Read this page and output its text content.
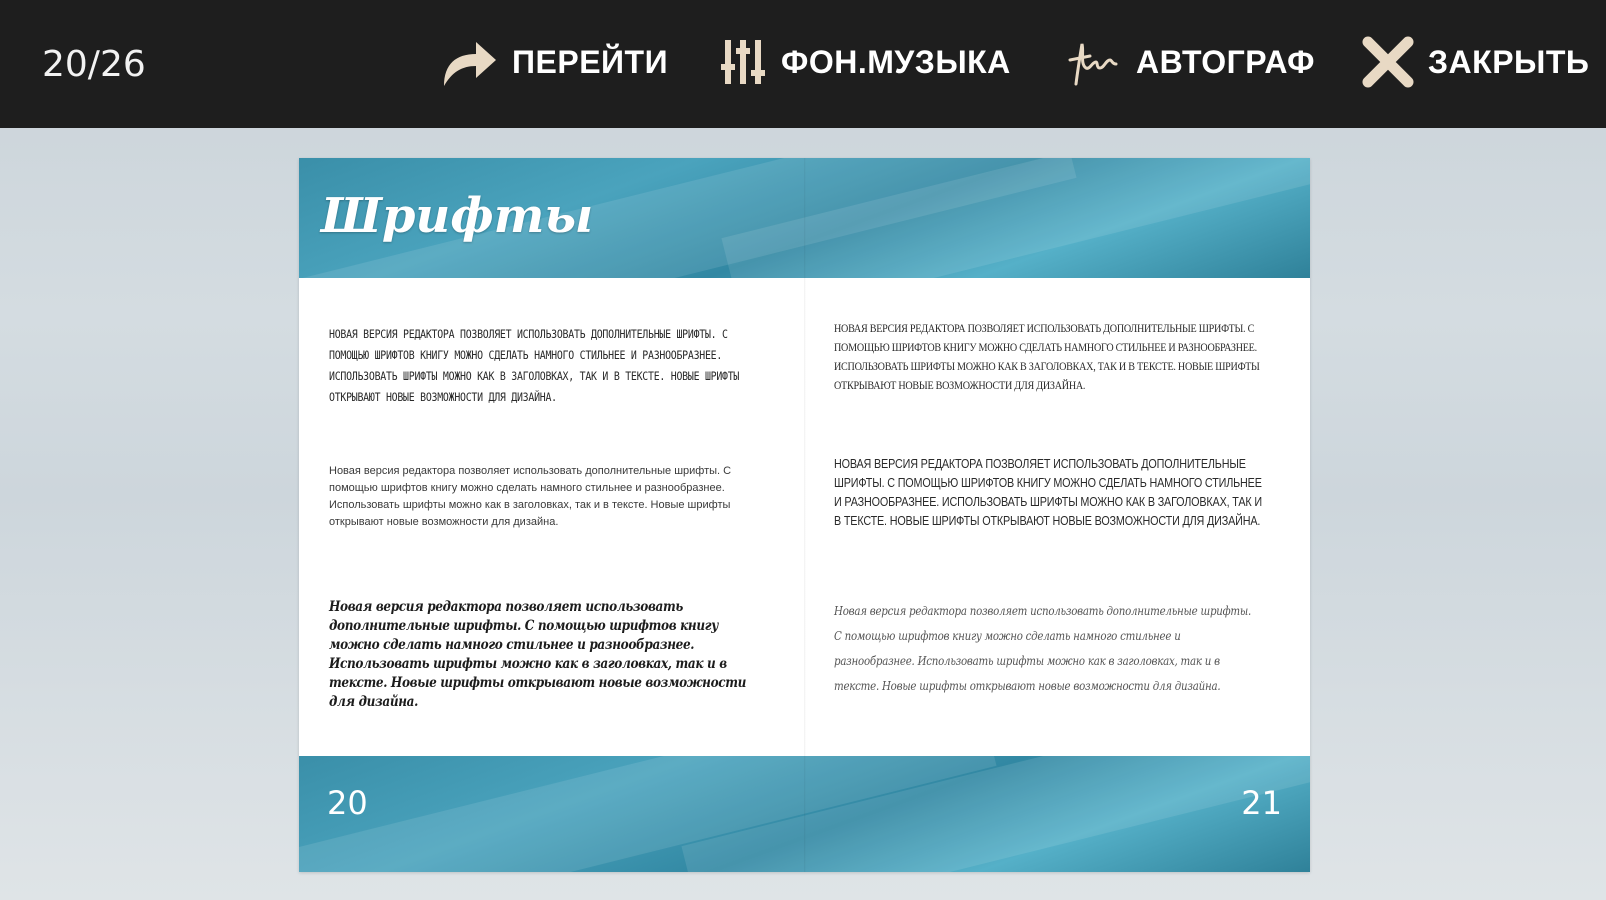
20/26	ПЕРЕЙТИ	ФОН.МУЗЫКА	АВТОГРАФ	ЗАКРЫТЬ
Шрифты

НОВАЯ ВЕРСИЯ РЕДАКТОРА ПОЗВОЛЯЕТ ИСПОЛЬЗОВАТЬ ДОПОЛНИТЕЛЬНЫЕ ШРИФТЫ. С ПОМОЩЬЮ ШРИФТОВ КНИГУ МОЖНО СДЕЛАТЬ НАМНОГО СТИЛЬНЕЕ И РАЗНООБРАЗНЕЕ. ИСПОЛЬЗОВАТЬ ШРИФТЫ МОЖНО КАК В ЗАГОЛОВКАХ, ТАК И В ТЕКСТЕ. НОВЫЕ ШРИФТЫ ОТКРЫВАЮТ НОВЫЕ ВОЗМОЖНОСТИ ДЛЯ ДИЗАЙНА.

Новая версия редактора позволяет использовать дополнительные шрифты. С помощью шрифтов книгу можно сделать намного стильнее и разнообразнее. Использовать шрифты можно как в заголовках, так и в тексте. Новые шрифты открывают новые возможности для дизайна.

Новая версия редактора позволяет использовать дополнительные шрифты. С помощью шрифтов книгу можно сделать намного стильнее и разнообразнее. Использовать шрифты можно как в заголовках, так и в тексте. Новые шрифты открывают новые возможности для дизайна.

НОВАЯ ВЕРСИЯ РЕДАКТОРА ПОЗВОЛЯЕТ ИСПОЛЬЗОВАТЬ ДОПОЛНИТЕЛЬНЫЕ ШРИФТЫ. С ПОМОЩЬЮ ШРИФТОВ КНИГУ МОЖНО СДЕЛАТЬ НАМНОГО СТИЛЬНЕЕ И РАЗНООБРАЗНЕЕ. ИСПОЛЬЗОВАТЬ ШРИФТЫ МОЖНО КАК В ЗАГОЛОВКАХ, ТАК И В ТЕКСТЕ. НОВЫЕ ШРИФТЫ ОТКРЫВАЮТ НОВЫЕ ВОЗМОЖНОСТИ ДЛЯ ДИЗАЙНА.

НОВАЯ ВЕРСИЯ РЕДАКТОРА ПОЗВОЛЯЕТ ИСПОЛЬЗОВАТЬ ДОПОЛНИТЕЛЬНЫЕ ШРИФТЫ. С ПОМОЩЬЮ ШРИФТОВ КНИГУ МОЖНО СДЕЛАТЬ НАМНОГО СТИЛЬНЕЕ И РАЗНООБРАЗНЕЕ. ИСПОЛЬЗОВАТЬ ШРИФТЫ МОЖНО КАК В ЗАГОЛОВКАХ, ТАК И В ТЕКСТЕ. НОВЫЕ ШРИФТЫ ОТКРЫВАЮТ НОВЫЕ ВОЗМОЖНОСТИ ДЛЯ ДИЗАЙНА.

Новая версия редактора позволяет использовать дополнительные шрифты. С помощью шрифтов книгу можно сделать намного стильнее и разнообразнее. Использовать шрифты можно как в заголовках, так и в тексте. Новые шрифты открывают новые возможности для дизайна.

20	21
